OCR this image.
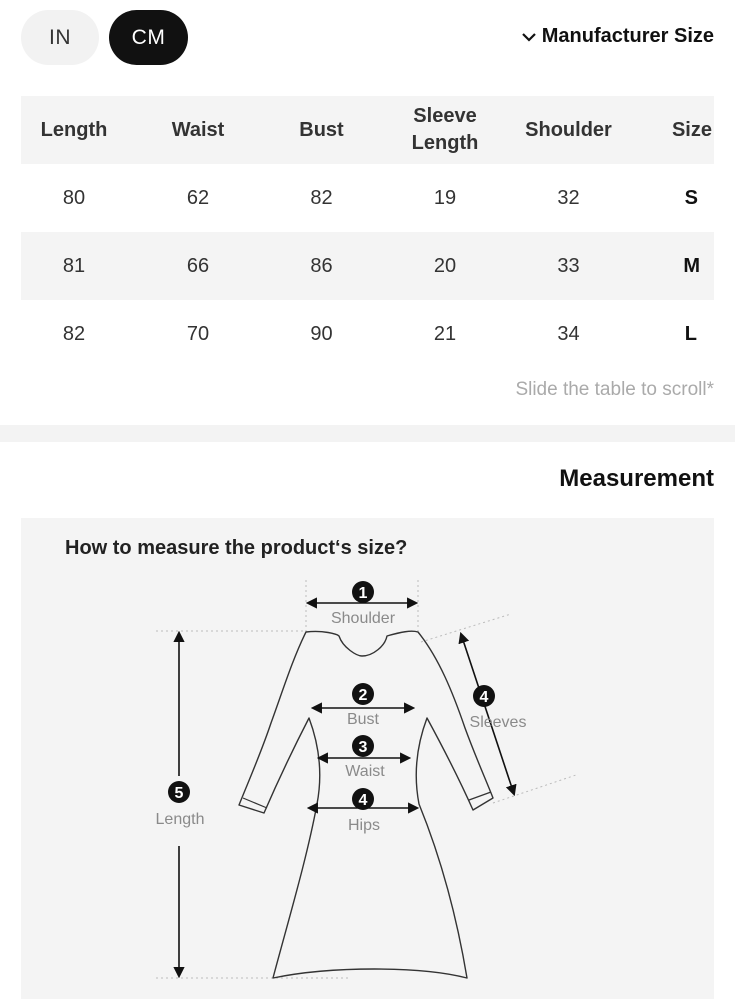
IN	CM	Manufacturer Size
Length	Waist	Bust	Sleeve Length	Shoulder	Size
80	62	82	19	32	S
81	66	86	20	33	M
82	70	90	21	34	L
Slide the table to scroll*
Measurement
How to measure the product‘s size?
1
Shoulder
2
Bust
3
Waist
4
Hips
4
Sleeves
5
Length
